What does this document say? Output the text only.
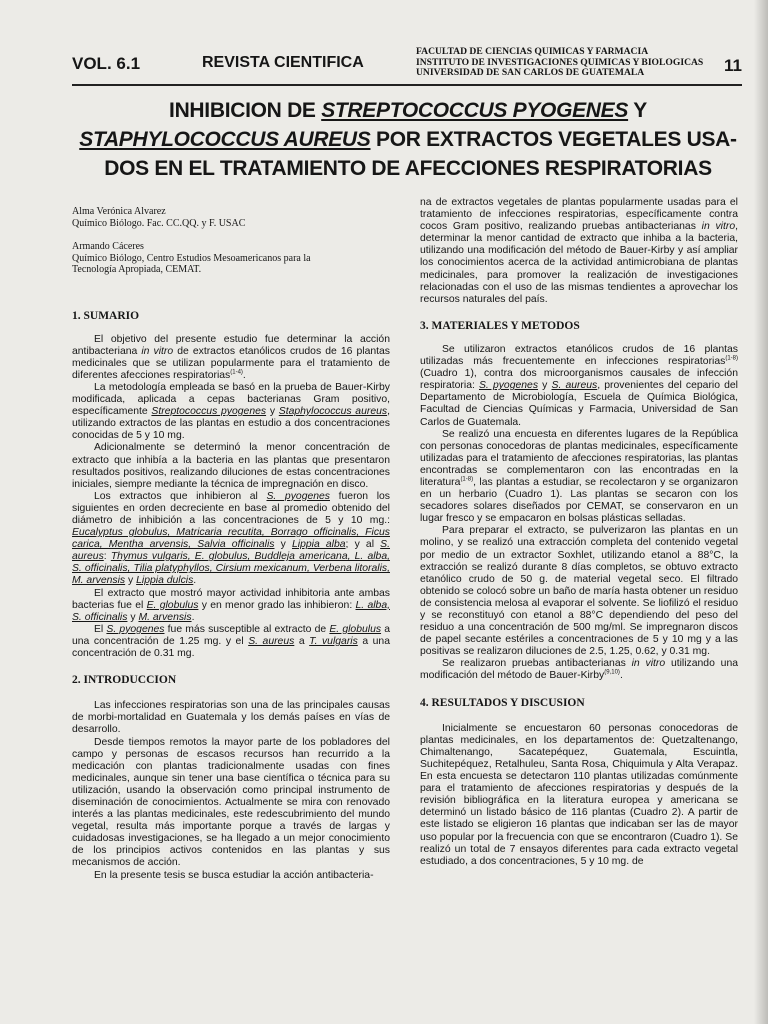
VOL. 6.1	REVISTA CIENTIFICA
FACULTAD DE CIENCIAS QUIMICAS Y FARMACIA
INSTITUTO DE INVESTIGACIONES QUIMICAS Y BIOLOGICAS
UNIVERSIDAD DE SAN CARLOS DE GUATEMALA	11
INHIBICION DE STREPTOCOCCUS PYOGENES Y
STAPHYLOCOCCUS AUREUS POR EXTRACTOS VEGETALES USA-
DOS EN EL TRATAMIENTO DE AFECCIONES RESPIRATORIAS
Alma Verónica Alvarez
Químico Biólogo. Fac. CC.QQ. y F. USAC
Armando Cáceres
Químico Biólogo, Centro Estudios Mesoamericanos para la
Tecnología Apropiada, CEMAT.
1. SUMARIO

El objetivo del presente estudio fue determinar la acción antibacteriana in vitro de extractos etanólicos crudos de 16 plantas medicinales que se utilizan popularmente para el tratamiento de diferentes afecciones respiratorias$^{(1-4)}$.

La metodología empleada se basó en la prueba de Bauer-Kirby modificada, aplicada a cepas bacterianas Gram positivo, específicamente Streptococcus pyogenes y Staphylococcus aureus, utilizando extractos de las plantas en estudio a dos concentraciones conocidas de 5 y 10 mg.

Adicionalmente se determinó la menor concentración de extracto que inhibía a la bacteria en las plantas que presentaron resultados positivos, realizando diluciones de estas concentraciones iniciales, siempre mediante la técnica de impregnación en disco.

Los extractos que inhibieron al S. pyogenes fueron los siguientes en orden decreciente en base al promedio obtenido del diámetro de inhibición a las concentraciones de 5 y 10 mg.: Eucalyptus globulus, Matricaria recutita, Borrago officinalis, Ficus carica, Mentha arvensis, Salvia officinalis y Lippia alba; y al S. aureus: Thymus vulgaris, E. globulus, Buddleja americana, L. alba, S. officinalis, Tilia platyphyllos, Cirsium mexicanum, Verbena litoralis, M. arvensis y Lippia dulcis.

El extracto que mostró mayor actividad inhibitoria ante ambas bacterias fue el E. globulus y en menor grado las inhibieron: L. alba, S. officinalis y M. arvensis.

El S. pyogenes fue más susceptible al extracto de E. globulus a una concentración de 1.25 mg. y el S. aureus a T. vulgaris a una concentración de 0.31 mg.

2. INTRODUCCION

Las infecciones respiratorias son una de las principales causas de morbi-mortalidad en Guatemala y los demás países en vías de desarrollo.

Desde tiempos remotos la mayor parte de los pobladores del campo y personas de escasos recursos han recurrido a la medicación con plantas tradicionalmente usadas con fines medicinales, aunque sin tener una base científica o técnica para su utilización, usando la observación como principal instrumento de diseminación de conocimientos. Actualmente se mira con renovado interés a las plantas medicinales, este redescubrimiento del mundo vegetal, resulta más importante porque a través de largas y cuidadosas investigaciones, se ha llegado a un mejor conocimiento de los principios activos contenidos en las plantas y sus mecanismos de acción.

En la presente tesis se busca estudiar la acción antibacteria-

na de extractos vegetales de plantas popularmente usadas para el tratamiento de infecciones respiratorias, específicamente contra cocos Gram positivo, realizando pruebas antibacterianas in vitro, determinar la menor cantidad de extracto que inhiba a la bacteria, utilizando una modificación del método de Bauer-Kirby y así ampliar los conocimientos acerca de la actividad antimicrobiana de plantas medicinales, para promover la realización de investigaciones relacionadas con el uso de las mismas tendientes a aprovechar los recursos naturales del país.

3. MATERIALES Y METODOS

Se utilizaron extractos etanólicos crudos de 16 plantas utilizadas más frecuentemente en infecciones respiratorias$^{(1-8)}$ (Cuadro 1), contra dos microorganismos causales de infección respiratoria: S. pyogenes y S. aureus, provenientes del cepario del Departamento de Microbiología, Escuela de Química Biológica, Facultad de Ciencias Químicas y Farmacia, Universidad de San Carlos de Guatemala.

Se realizó una encuesta en diferentes lugares de la República con personas conocedoras de plantas medicinales, específicamente utilizadas para el tratamiento de afecciones respiratorias, las plantas encontradas se complementaron con las encontradas en la literatura$^{(1-8)}$, las plantas a estudiar, se recolectaron y se organizaron en un herbario (Cuadro 1). Las plantas se secaron con los secadores solares diseñados por CEMAT, se conservaron en un lugar fresco y se empacaron en bolsas plásticas selladas.

Para preparar el extracto, se pulverizaron las plantas en un molino, y se realizó una extracción completa del contenido vegetal por medio de un extractor Soxhlet, utilizando etanol a 88°C, la extracción se realizó durante 8 días completos, se obtuvo extracto etanólico crudo de 50 g. de material vegetal seco. El filtrado obtenido se colocó sobre un baño de maría hasta obtener un residuo de consistencia melosa al evaporar el solvente. Se liofilizó el residuo y se reconstituyó con etanol a 88°C dependiendo del peso del residuo a una concentración de 500 mg/ml. Se impregnaron discos de papel secante estériles a concentraciones de 5 y 10 mg y a las positivas se realizaron diluciones de 2.5, 1.25, 0.62, y 0.31 mg.

Se realizaron pruebas antibacterianas in vitro utilizando una modificación del método de Bauer-Kirby$^{(9,10)}$.

4. RESULTADOS Y DISCUSION

Inicialmente se encuestaron 60 personas conocedoras de plantas medicinales, en los departamentos de: Quetzaltenango, Chimaltenango, Sacatepéquez, Guatemala, Escuintla, Suchitepéquez, Retalhuleu, Santa Rosa, Chiquimula y Alta Verapaz. En esta encuesta se detectaron 110 plantas utilizadas comúnmente para el tratamiento de afecciones respiratorias y después de la revisión bibliográfica en la literatura europea y americana se determinó un listado básico de 116 plantas (Cuadro 2). A partir de este listado se eligieron 16 plantas que indicaban ser las de mayor uso popular por la frecuencia con que se encontraron (Cuadro 1). Se realizó un total de 7 ensayos diferentes para cada extracto vegetal estudiado, a dos concentraciones, 5 y 10 mg. de
